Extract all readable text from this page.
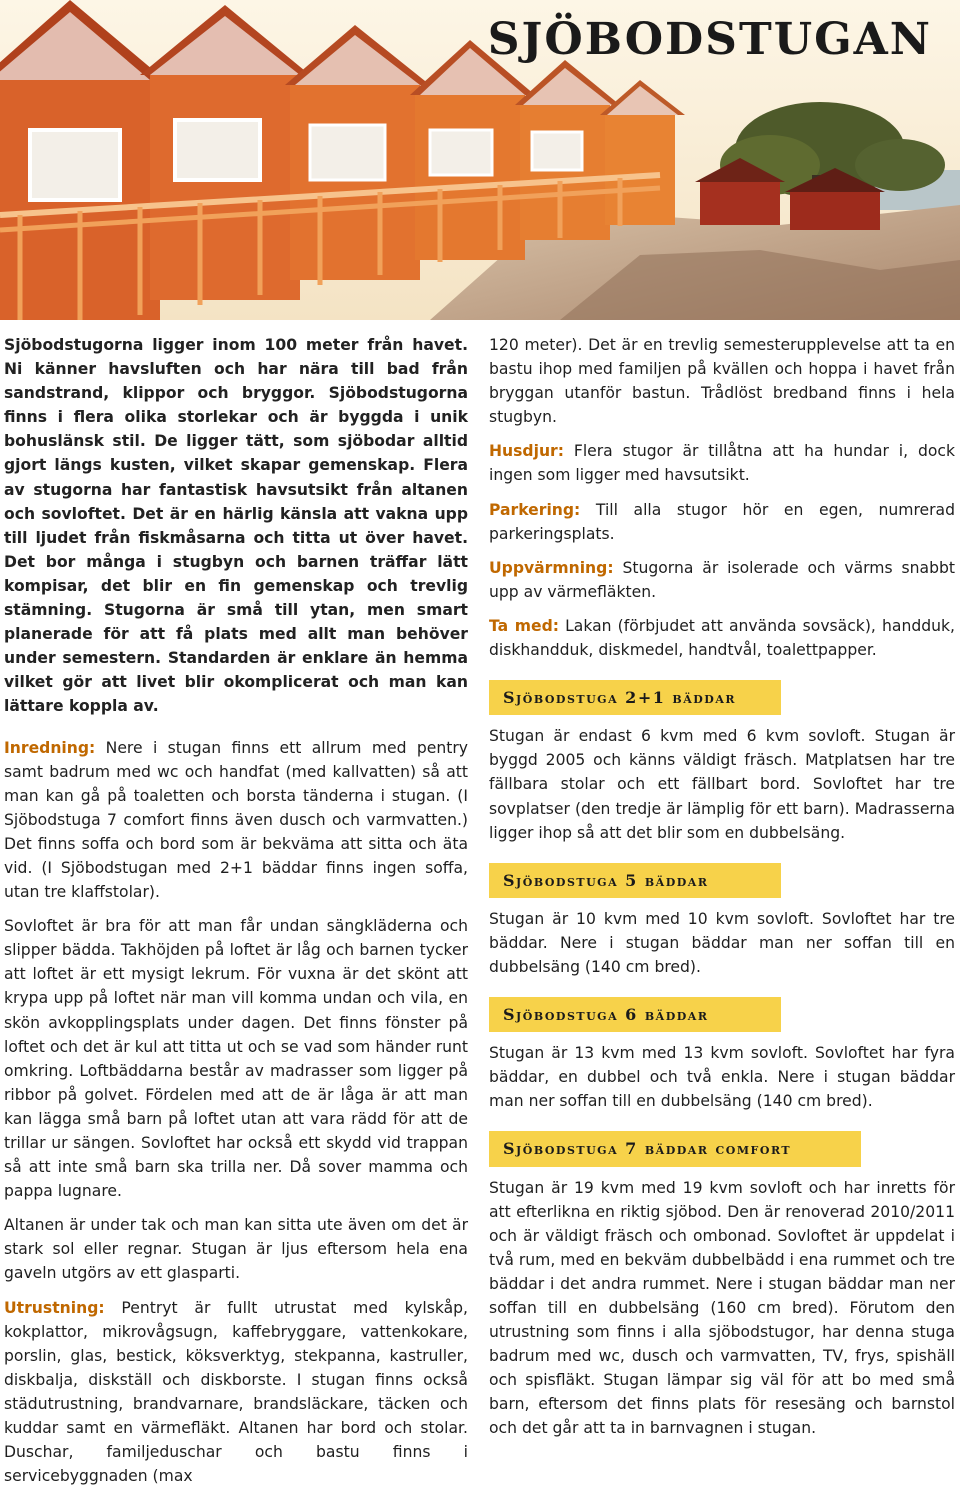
SJÖBODSTUGAN

Sjöbodstugorna ligger inom 100 meter från havet. Ni känner havsluften och har nära till bad från sandstrand, klippor och bryggor. Sjöbodstugorna finns i flera olika storlekar och är byggda i unik bohuslänsk stil. De ligger tätt, som sjöbodar alltid gjort längs kusten, vilket skapar gemenskap. Flera av stugorna har fantastisk havsutsikt från altanen och sovloftet. Det är en härlig känsla att vakna upp till ljudet från fiskmåsarna och titta ut över havet. Det bor många i stugbyn och barnen träffar lätt kompisar, det blir en fin gemenskap och trevlig stämning. Stugorna är små till ytan, men smart planerade för att få plats med allt man behöver under semestern. Standarden är enklare än hemma vilket gör att livet blir okomplicerat och man kan lättare koppla av.

Inredning: Nere i stugan finns ett allrum med pentry samt badrum med wc och handfat (med kallvatten) så att man kan gå på toaletten och borsta tänderna i stugan. (I Sjöbodstuga 7 comfort finns även dusch och varmvatten.) Det finns soffa och bord som är bekväma att sitta och äta vid. (I Sjöbodstugan med 2+1 bäddar finns ingen soffa, utan tre klaffstolar).

Sovloftet är bra för att man får undan sängkläderna och slipper bädda. Takhöjden på loftet är låg och barnen tycker att loftet är ett mysigt lekrum. För vuxna är det skönt att krypa upp på loftet när man vill komma undan och vila, en skön avkopplingsplats under dagen. Det finns fönster på loftet och det är kul att titta ut och se vad som händer runt omkring. Loftbäddarna består av madrasser som ligger på ribbor på golvet. Fördelen med att de är låga är att man kan lägga små barn på loftet utan att vara rädd för att de trillar ur sängen. Sovloftet har också ett skydd vid trappan så att inte små barn ska trilla ner. Då sover mamma och pappa lugnare.

Altanen är under tak och man kan sitta ute även om det är stark sol eller regnar. Stugan är ljus eftersom hela ena gaveln utgörs av ett glasparti.

Utrustning: Pentryt är fullt utrustat med kylskåp, kokplattor, mikrovågsugn, kaffebryggare, vattenkokare, porslin, glas, bestick, köksverktyg, stekpanna, kastruller, diskbalja, diskställ och diskborste. I stugan finns också städutrustning, brandvarnare, brandsläckare, täcken och kuddar samt en värmefläkt. Altanen har bord och stolar. Duschar, familjeduschar och bastu finns i servicebyggnaden (max

120 meter). Det är en trevlig semesterupplevelse att ta en bastu ihop med familjen på kvällen och hoppa i havet från bryggan utanför bastun. Trådlöst bredband finns i hela stugbyn.

Husdjur: Flera stugor är tillåtna att ha hundar i, dock ingen som ligger med havsutsikt.

Parkering: Till alla stugor hör en egen, numrerad parkeringsplats.

Uppvärmning: Stugorna är isolerade och värms snabbt upp av värmefläkten.

Ta med: Lakan (förbjudet att använda sovsäck), handduk, diskhandduk, diskmedel, handtvål, toalettpapper.

Sjöbodstuga 2+1 bäddar

Stugan är endast 6 kvm med 6 kvm sovloft. Stugan är byggd 2005 och känns väldigt fräsch. Matplatsen har tre fällbara stolar och ett fällbart bord. Sovloftet har tre sovplatser (den tredje är lämplig för ett barn). Madrasserna ligger ihop så att det blir som en dubbelsäng.

Sjöbodstuga 5 bäddar

Stugan är 10 kvm med 10 kvm sovloft. Sovloftet har tre bäddar. Nere i stugan bäddar man ner soffan till en dubbelsäng (140 cm bred).

Sjöbodstuga 6 bäddar

Stugan är 13 kvm med 13 kvm sovloft. Sovloftet har fyra bäddar, en dubbel och två enkla. Nere i stugan bäddar man ner soffan till en dubbelsäng (140 cm bred).

Sjöbodstuga 7 bäddar comfort

Stugan är 19 kvm med 19 kvm sovloft och har inretts för att efterlikna en riktig sjöbod. Den är renoverad 2010/2011 och är väldigt fräsch och ombonad. Sovloftet är uppdelat i två rum, med en bekväm dubbelbädd i ena rummet och tre bäddar i det andra rummet. Nere i stugan bäddar man ner soffan till en dubbelsäng (160 cm bred). Förutom den utrustning som finns i alla sjöbodstugor, har denna stuga badrum med wc, dusch och varmvatten, TV, frys, spishäll och spisfläkt. Stugan lämpar sig väl för att bo med små barn, eftersom det finns plats för resesäng och barnstol och det går att ta in barnvagnen i stugan.
